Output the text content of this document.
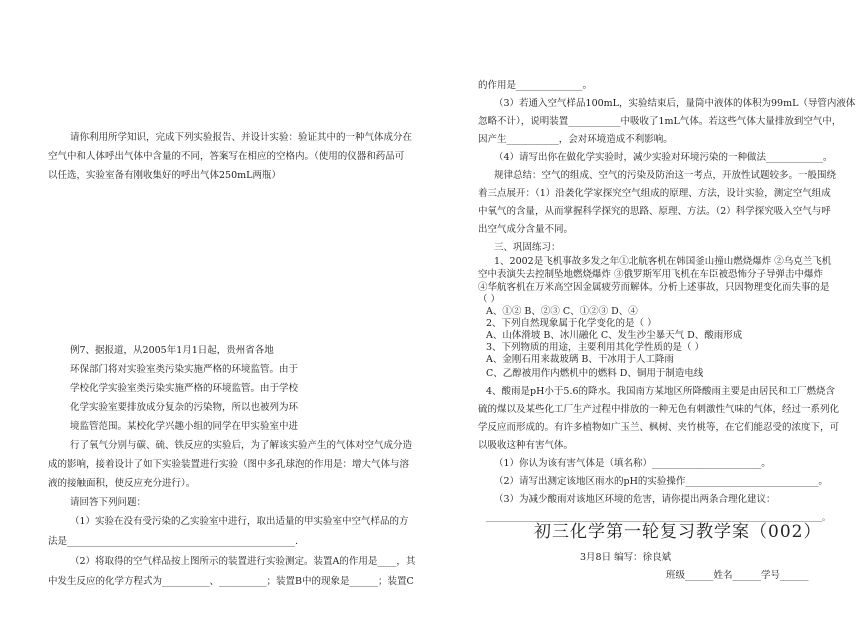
请你利用所学知识，完成下列实验报告、并设计实验：验证其中的一种气体成分在
空气中和人体呼出气体中含量的不同，答案写在相应的空格内。（使用的仪器和药品可
以任选，实验室备有刚收集好的呼出气体250mL两瓶）
例7、据报道，从2005年1月1日起，贵州省各地
环保部门将对实验室类污染实施严格的环境监管。由于
学校化学实验室类污染实施严格的环境监管。由于学校
化学实验室要排放成分复杂的污染物，所以也被列为环
境监管范围。某校化学兴趣小组的同学在甲实验室中进
行了氧气分别与碳、硫、铁反应的实验后，为了解该实验产生的气体对空气成分造
成的影响，接着设计了如下实验装置进行实验（图中多孔球泡的作用是：增大气体与溶
液的接触面积，使反应充分进行）。
请回答下列问题：
（1）实验在没有受污染的乙实验室中进行，取出适量的甲实验室中空气样品的方
法是________________________________________________.
（2）将取得的空气样品按上图所示的装置进行实验测定。装置A的作用是____，其
中发生反应的化学方程式为__________、__________；装置B中的现象是______；装置C
的作用是______________。
（3）若通入空气样品100mL，实验结束后，量筒中液体的体积为99mL（导管内液体
忽略不计），说明装置___________中吸收了1mL气体。若这些气体大量排放到空气中，
因产生___________，会对环境造成不利影响。
（4）请写出你在做化学实验时，减少实验对环境污染的一种做法____________。
规律总结：空气的组成、空气的污染及防治这一考点，开放性试题较多。一般围绕
着三点展开：（1）沿袭化学家探究空气组成的原理、方法，设计实验，测定空气组成
中氧气的含量，从而掌握科学探究的思路、原理、方法。（2）科学探究吸入空气与呼
出空气成分含量不同。
三、巩固练习：
1、2002是飞机事故多发之年①北航客机在韩国釜山撞山燃烧爆炸 ②乌克兰飞机
空中表演失去控制坠地燃烧爆炸 ③俄罗斯军用飞机在车臣被恐怖分子导弹击中爆炸
④华航客机在万米高空因金属疲劳而解体。分析上述事故，只因物理变化而失事的是
（ ）
A、①② B、②③ C、①②③ D、④
2、下列自然现象属于化学变化的是（ ）
A、山体滑坡 B、冰川融化 C、发生沙尘暴天气 D、酸雨形成
3、下列物质的用途，主要利用其化学性质的是（ ）
A、金刚石用来裁玻璃 B、干冰用于人工降雨
C、乙醇被用作内燃机中的燃料 D、铜用于制造电线
4、酸雨是pH小于5.6的降水。我国南方某地区所降酸雨主要是由居民和工厂燃烧含
硫的煤以及某些化工厂生产过程中排放的一种无色有刺激性气味的气体，经过一系列化
学反应而形成的。有许多植物如广玉兰、枫树、夹竹桃等，在它们能忍受的浓度下，可
以吸收这种有害气体。
（1）你认为该有害气体是（填名称）_______________________。
（2）请写出测定该地区雨水的pH的实验操作____________________________。
（3）为减少酸雨对该地区环境的危害，请你提出两条合理化建议：
____________________________________________________________________________________。
初三化学第一轮复习教学案（002）
3月8日 编写：徐良斌
班级______姓名______学号______
